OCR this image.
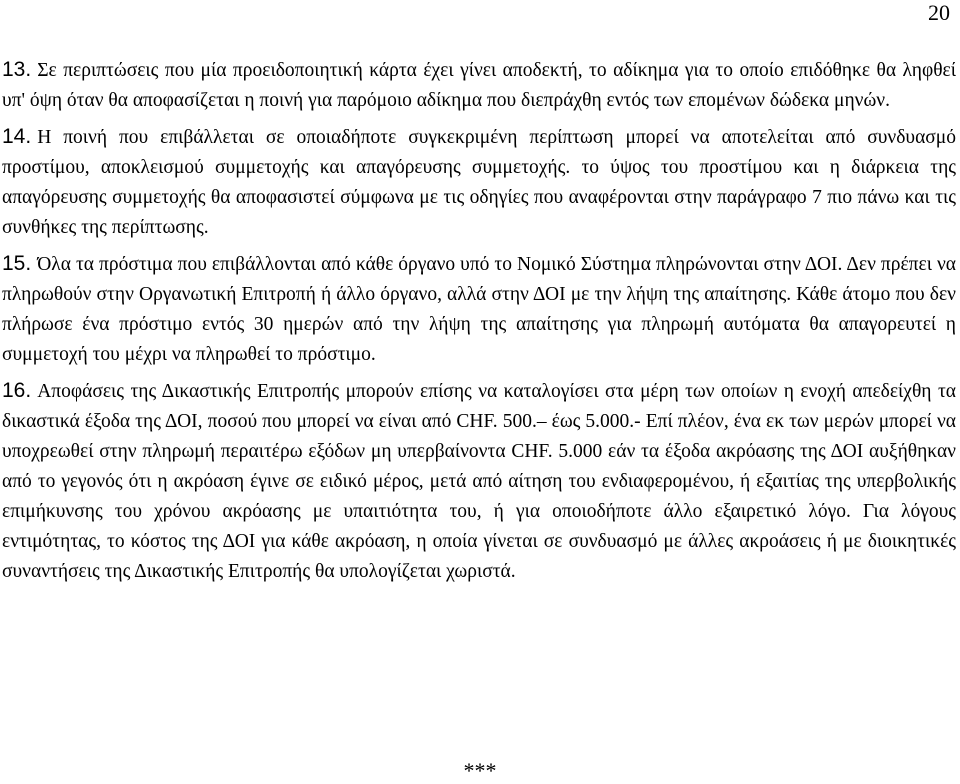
20

13. Σε περιπτώσεις που μία προειδοποιητική κάρτα έχει γίνει αποδεκτή, το αδίκημα για το οποίο επιδόθηκε θα ληφθεί υπ' όψη όταν θα αποφασίζεται η ποινή για παρόμοιο αδίκημα που διεπράχθη εντός των επομένων δώδεκα μηνών.

14. Η ποινή που επιβάλλεται σε οποιαδήποτε συγκεκριμένη περίπτωση μπορεί να αποτελείται από συνδυασμό προστίμου, αποκλεισμού συμμετοχής και απαγόρευσης συμμετοχής. το ύψος του προστίμου και η διάρκεια της απαγόρευσης συμμετοχής θα αποφασιστεί σύμφωνα με τις οδηγίες που αναφέρονται στην παράγραφο 7 πιο πάνω και τις συνθήκες της περίπτωσης.

15. Όλα τα πρόστιμα που επιβάλλονται από κάθε όργανο υπό το Νομικό Σύστημα πληρώνονται στην ΔΟΙ. Δεν πρέπει να πληρωθούν στην Οργανωτική Επιτροπή ή άλλο όργανο, αλλά στην ΔΟΙ με την λήψη της απαίτησης. Κάθε άτομο που δεν πλήρωσε ένα πρόστιμο εντός 30 ημερών από την λήψη της απαίτησης για πληρωμή αυτόματα θα απαγορευτεί η συμμετοχή του μέχρι να πληρωθεί το πρόστιμο.

16. Αποφάσεις της Δικαστικής Επιτροπής μπορούν επίσης να καταλογίσει στα μέρη των οποίων η ενοχή απεδείχθη τα δικαστικά έξοδα της ΔΟΙ, ποσού που μπορεί να είναι από CHF. 500.– έως 5.000.- Επί πλέον, ένα εκ των μερών μπορεί να υποχρεωθεί στην πληρωμή περαιτέρω εξόδων μη υπερβαίνοντα CHF. 5.000 εάν τα έξοδα ακρόασης της ΔΟΙ αυξήθηκαν από το γεγονός ότι η ακρόαση έγινε σε ειδικό μέρος, μετά από αίτηση του ενδιαφερομένου, ή εξαιτίας της υπερβολικής επιμήκυνσης του χρόνου ακρόασης με υπαιτιότητα του, ή για οποιοδήποτε άλλο εξαιρετικό λόγο. Για λόγους εντιμότητας, το κόστος της ΔΟΙ για κάθε ακρόαση, η οποία γίνεται σε συνδυασμό με άλλες ακροάσεις ή με διοικητικές συναντήσεις της Δικαστικής Επιτροπής θα υπολογίζεται χωριστά.

***
